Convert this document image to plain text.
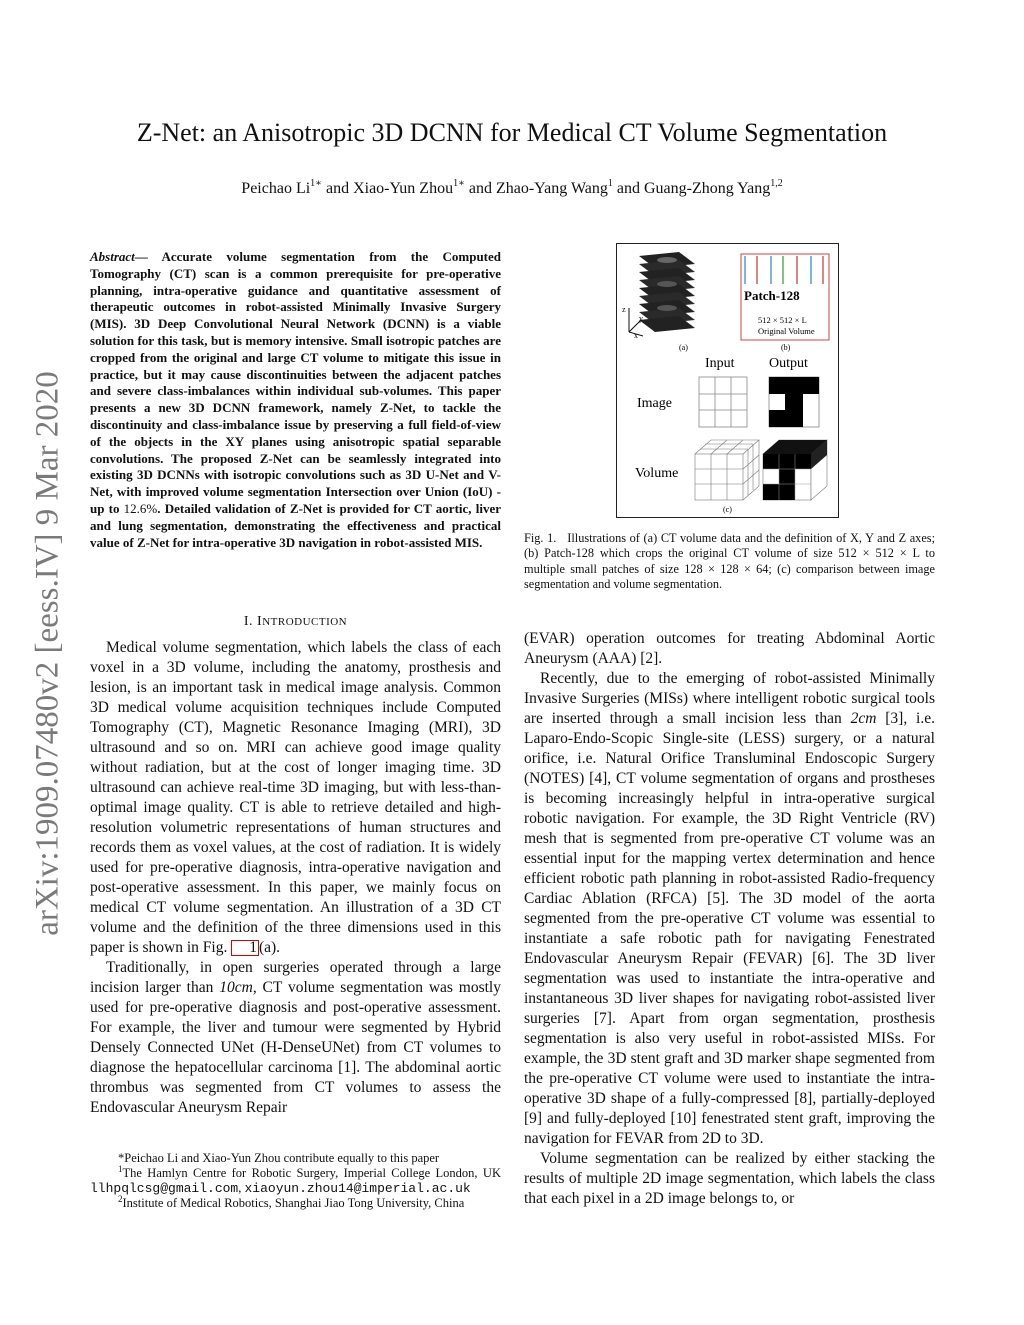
arXiv:1909.07480v2 [eess.IV] 9 Mar 2020
Z-Net: an Anisotropic 3D DCNN for Medical CT Volume Segmentation
Peichao $Li^{1∗}$ and Xiao-Yun Zhou$^{1∗}$ and Zhao-Yang Wang$^1$ and Guang-Zhong Yang$^{1,2}$
Abstract— Accurate volume segmentation from the Computed Tomography (CT) scan is a common prerequisite for pre-operative planning, intra-operative guidance and quantitative assessment of therapeutic outcomes in robot-assisted Minimally Invasive Surgery (MIS). 3D Deep Convolutional Neural Network (DCNN) is a viable solution for this task, but is memory intensive. Small isotropic patches are cropped from the original and large CT volume to mitigate this issue in practice, but it may cause discontinuities between the adjacent patches and severe class-imbalances within individual sub-volumes. This paper presents a new 3D DCNN framework, namely Z-Net, to tackle the discontinuity and class-imbalance issue by preserving a full field-of-view of the objects in the XY planes using anisotropic spatial separable convolutions. The proposed Z-Net can be seamlessly integrated into existing 3D DCNNs with isotropic convolutions such as 3D U-Net and V-Net, with improved volume segmentation Intersection over Union (IoU) - up to 12.6%. Detailed validation of Z-Net is provided for CT aortic, liver and lung segmentation, demonstrating the effectiveness and practical value of Z-Net for intra-operative 3D navigation in robot-assisted MIS.
I. INTRODUCTION

Medical volume segmentation, which labels the class of each voxel in a 3D volume, including the anatomy, prosthesis and lesion, is an important task in medical image analysis. Common 3D medical volume acquisition techniques include Computed Tomography (CT), Magnetic Resonance Imaging (MRI), 3D ultrasound and so on. MRI can achieve good image quality without radiation, but at the cost of longer imaging time. 3D ultrasound can achieve real-time 3D imaging, but with less-than-optimal image quality. CT is able to retrieve detailed and high-resolution volumetric representations of human structures and records them as voxel values, at the cost of radiation. It is widely used for pre-operative diagnosis, intra-operative navigation and post-operative assessment. In this paper, we mainly focus on medical CT volume segmentation. An illustration of a 3D CT volume and the definition of the three dimensions used in this paper is shown in Fig. 1 (a).

Traditionally, in open surgeries operated through a large incision larger than 10cm, CT volume segmentation was mostly used for pre-operative diagnosis and post-operative assessment. For example, the liver and tumour were segmented by Hybrid Densely Connected UNet (H-DenseUNet) from CT volumes to diagnose the hepatocellular carcinoma [1]. The abdominal aortic thrombus was segmented from CT volumes to assess the Endovascular Aneurysm Repair

*Peichao Li and Xiao-Yun Zhou contribute equally to this paper

$^1$The Hamlyn Centre for Robotic Surgery, Imperial College London, UK llhpqlcsg@gmail.com, xiaoyun.zhou14@imperial.ac.uk

$^2$Institute of Medical Robotics, Shanghai Jiao Tong University, China

z
y
x
(a)
Patch-128
512 × 512 × L
Original Volume
(b)
Input Output
Image
Volume
(c)
Fig. 1. Illustrations of (a) CT volume data and the definition of X, Y and Z axes; (b) Patch-128 which crops the original CT volume of size 512 × 512 × L to multiple small patches of size 128 × 128 × 64; (c) comparison between image segmentation and volume segmentation.

(EVAR) operation outcomes for treating Abdominal Aortic Aneurysm (AAA) [2].

Recently, due to the emerging of robot-assisted Minimally Invasive Surgeries (MISs) where intelligent robotic surgical tools are inserted through a small incision less than 2cm [3], i.e. Laparo-Endo-Scopic Single-site (LESS) surgery, or a natural orifice, i.e. Natural Orifice Transluminal Endoscopic Surgery (NOTES) [4], CT volume segmentation of organs and prostheses is becoming increasingly helpful in intra-operative surgical robotic navigation. For example, the 3D Right Ventricle (RV) mesh that is segmented from pre-operative CT volume was an essential input for the mapping vertex determination and hence efficient robotic path planning in robot-assisted Radio-frequency Cardiac Ablation (RFCA) [5]. The 3D model of the aorta segmented from the pre-operative CT volume was essential to instantiate a safe robotic path for navigating Fenestrated Endovascular Aneurysm Repair (FEVAR) [6]. The 3D liver segmentation was used to instantiate the intra-operative and instantaneous 3D liver shapes for navigating robot-assisted liver surgeries [7]. Apart from organ segmentation, prosthesis segmentation is also very useful in robot-assisted MISs. For example, the 3D stent graft and 3D marker shape segmented from the pre-operative CT volume were used to instantiate the intra-operative 3D shape of a fully-compressed [8], partially-deployed [9] and fully-deployed [10] fenestrated stent graft, improving the navigation for FEVAR from 2D to 3D.

Volume segmentation can be realized by either stacking the results of multiple 2D image segmentation, which labels the class that each pixel in a 2D image belongs to, or
